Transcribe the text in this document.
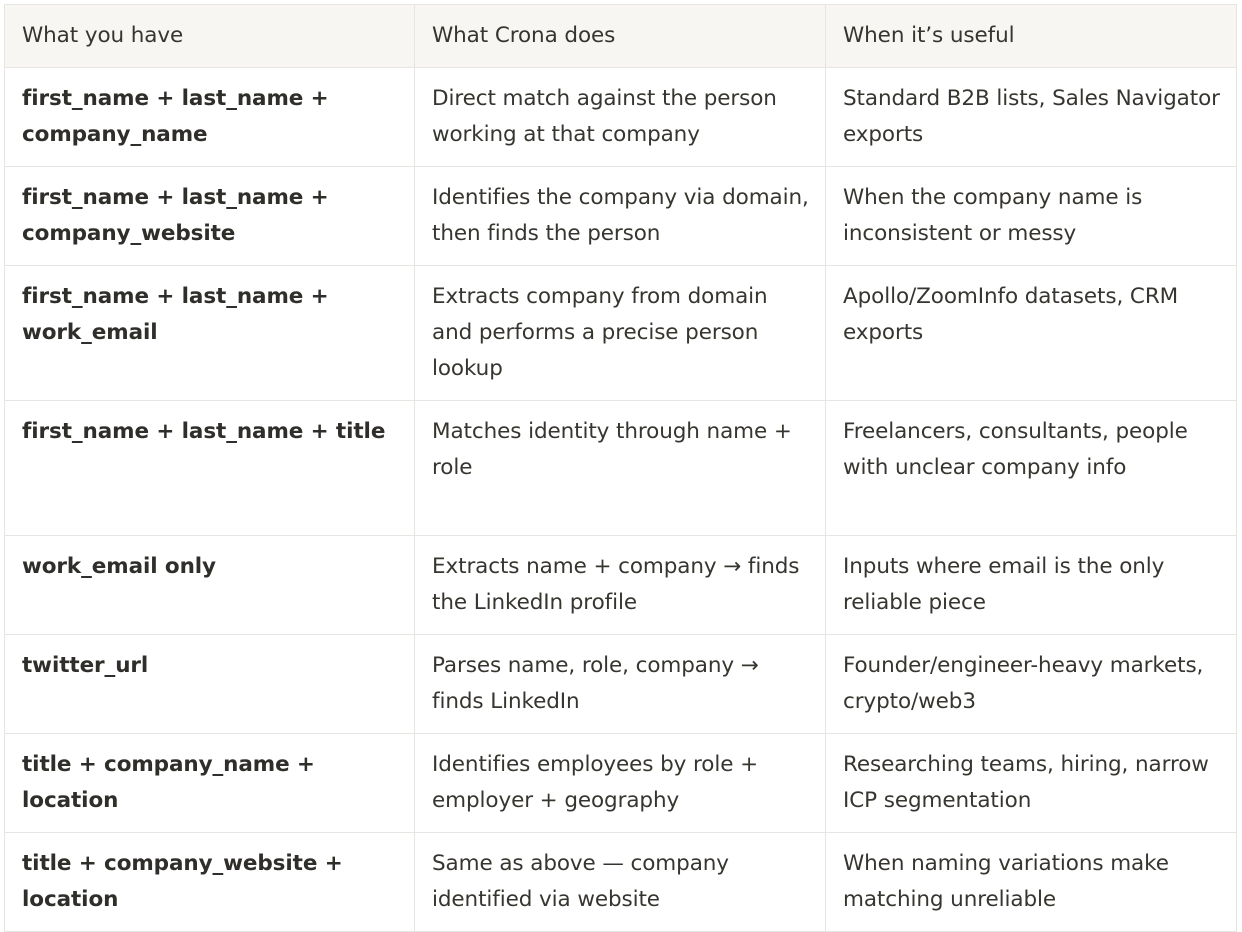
What you have	What Crona does	When it’s useful
first_name + last_name + company_name	Direct match against the person working at that company	Standard B2B lists, Sales Navigator exports
first_name + last_name + company_website	Identifies the company via domain, then finds the person	When the company name is inconsistent or messy
first_name + last_name + work_email	Extracts company from domain and performs a precise person lookup	Apollo/ZoomInfo datasets, CRM exports
first_name + last_name + title	Matches identity through name + role	Freelancers, consultants, people with unclear company info
work_email only	Extracts name + company → finds the LinkedIn profile	Inputs where email is the only reliable piece
twitter_url	Parses name, role, company → finds LinkedIn	Founder/engineer-heavy markets, crypto/web3
title + company_name + location	Identifies employees by role + employer + geography	Researching teams, hiring, narrow ICP segmentation
title + company_website + location	Same as above — company identified via website	When naming variations make matching unreliable
